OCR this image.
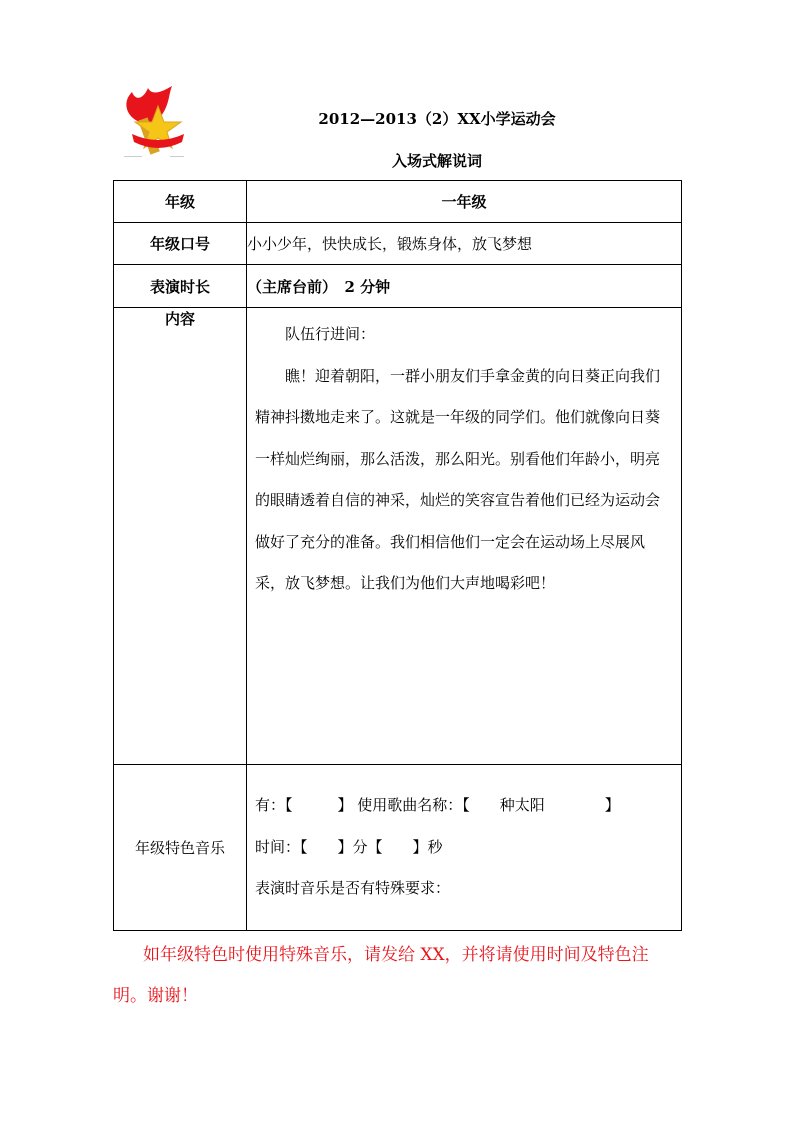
2012—2013（2）XX小学运动会
入场式解说词
年级	一年级
年级口号	小小少年，快快成长，锻炼身体，放飞梦想
表演时长	（主席台前）　2 分钟
内容	队伍行进间：

瞧！迎着朝阳，一群小朋友们手拿金黄的向日葵正向我们精神抖擞地走来了。这就是一年级的同学们。他们就像向日葵一样灿烂绚丽，那么活泼，那么阳光。别看他们年龄小，明亮的眼睛透着自信的神采，灿烂的笑容宣告着他们已经为运动会做好了充分的准备。我们相信他们一定会在运动场上尽展风采，放飞梦想。让我们为他们大声地喝彩吧！

年级特色音乐	有：【　　　】 使用歌曲名称：【　　种太阳　　　　】

时间：【　　】分【　　】秒

表演时音乐是否有特殊要求：

如年级特色时使用特殊音乐，请发给 XX，并将请使用时间及特色注明。谢谢！
